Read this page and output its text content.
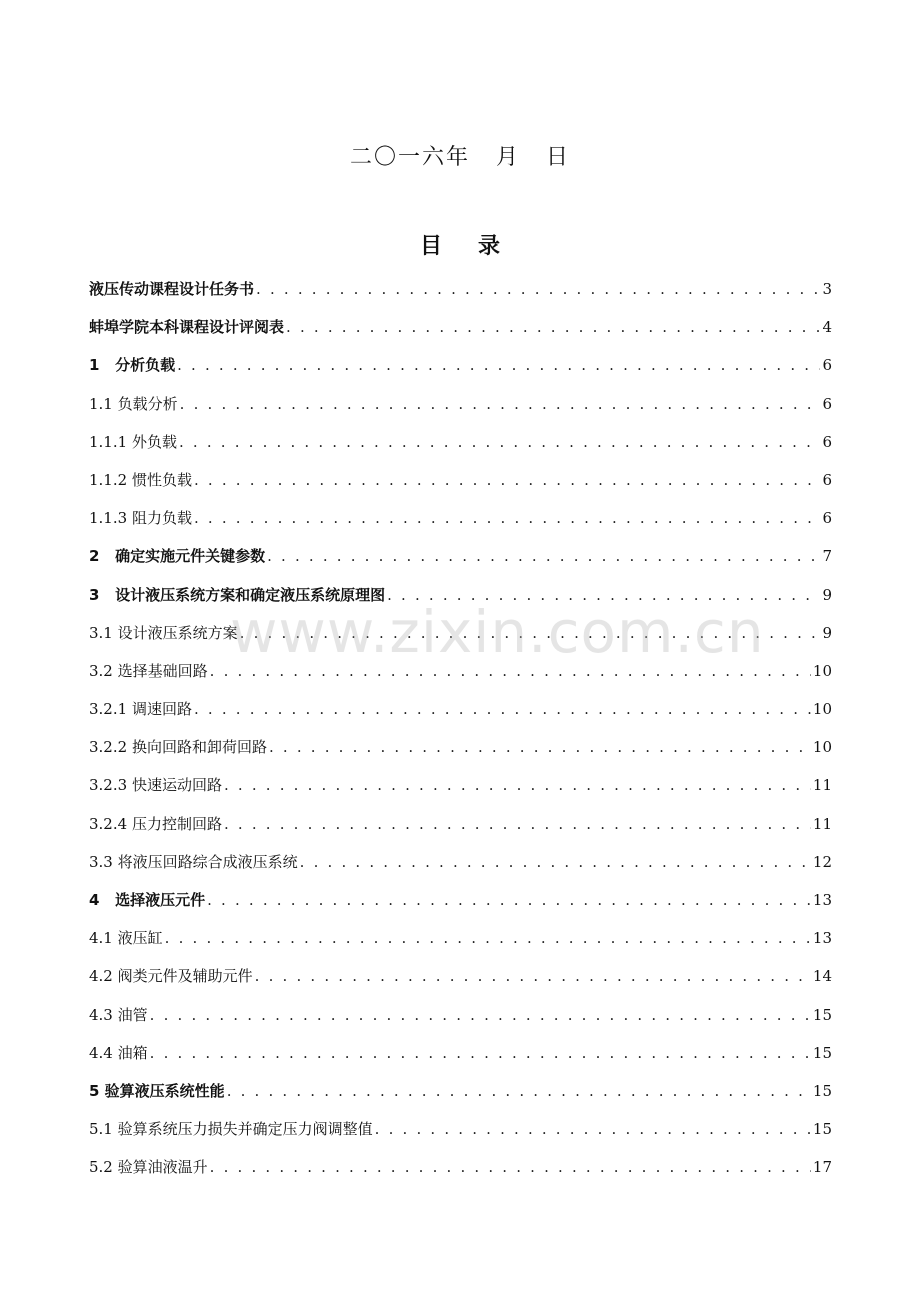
二〇一六年 月 日
目 录
液压传动课程设计任务书 . . .	3
蚌埠学院本科课程设计评阅表 . . .	4
1 分析负载 . . .	6
1.1 负载分析 . . .	6
1.1.1 外负载 . . .	6
1.1.2 惯性负载 . . .	6
1.1.3 阻力负载 . . .	6
2 确定实施元件关键参数 . . .	7
3 设计液压系统方案和确定液压系统原理图 . . .	9
3.1 设计液压系统方案 . . .	9
3.2 选择基础回路 . . .	10
3.2.1 调速回路 . . .	10
3.2.2 换向回路和卸荷回路 . . .	10
3.2.3 快速运动回路 . . .	11
3.2.4 压力控制回路 . . .	11
3.3 将液压回路综合成液压系统 . . .	12
4 选择液压元件 . . .	13
4.1 液压缸 . . .	13
4.2 阀类元件及辅助元件 . . .	14
4.3 油管 . . .	15
4.4 油箱 . . .	15
5 验算液压系统性能 . . .	15
5.1 验算系统压力损失并确定压力阀调整值 . . .	15
5.2 验算油液温升 . . .	17
www.zixin.com.cn
